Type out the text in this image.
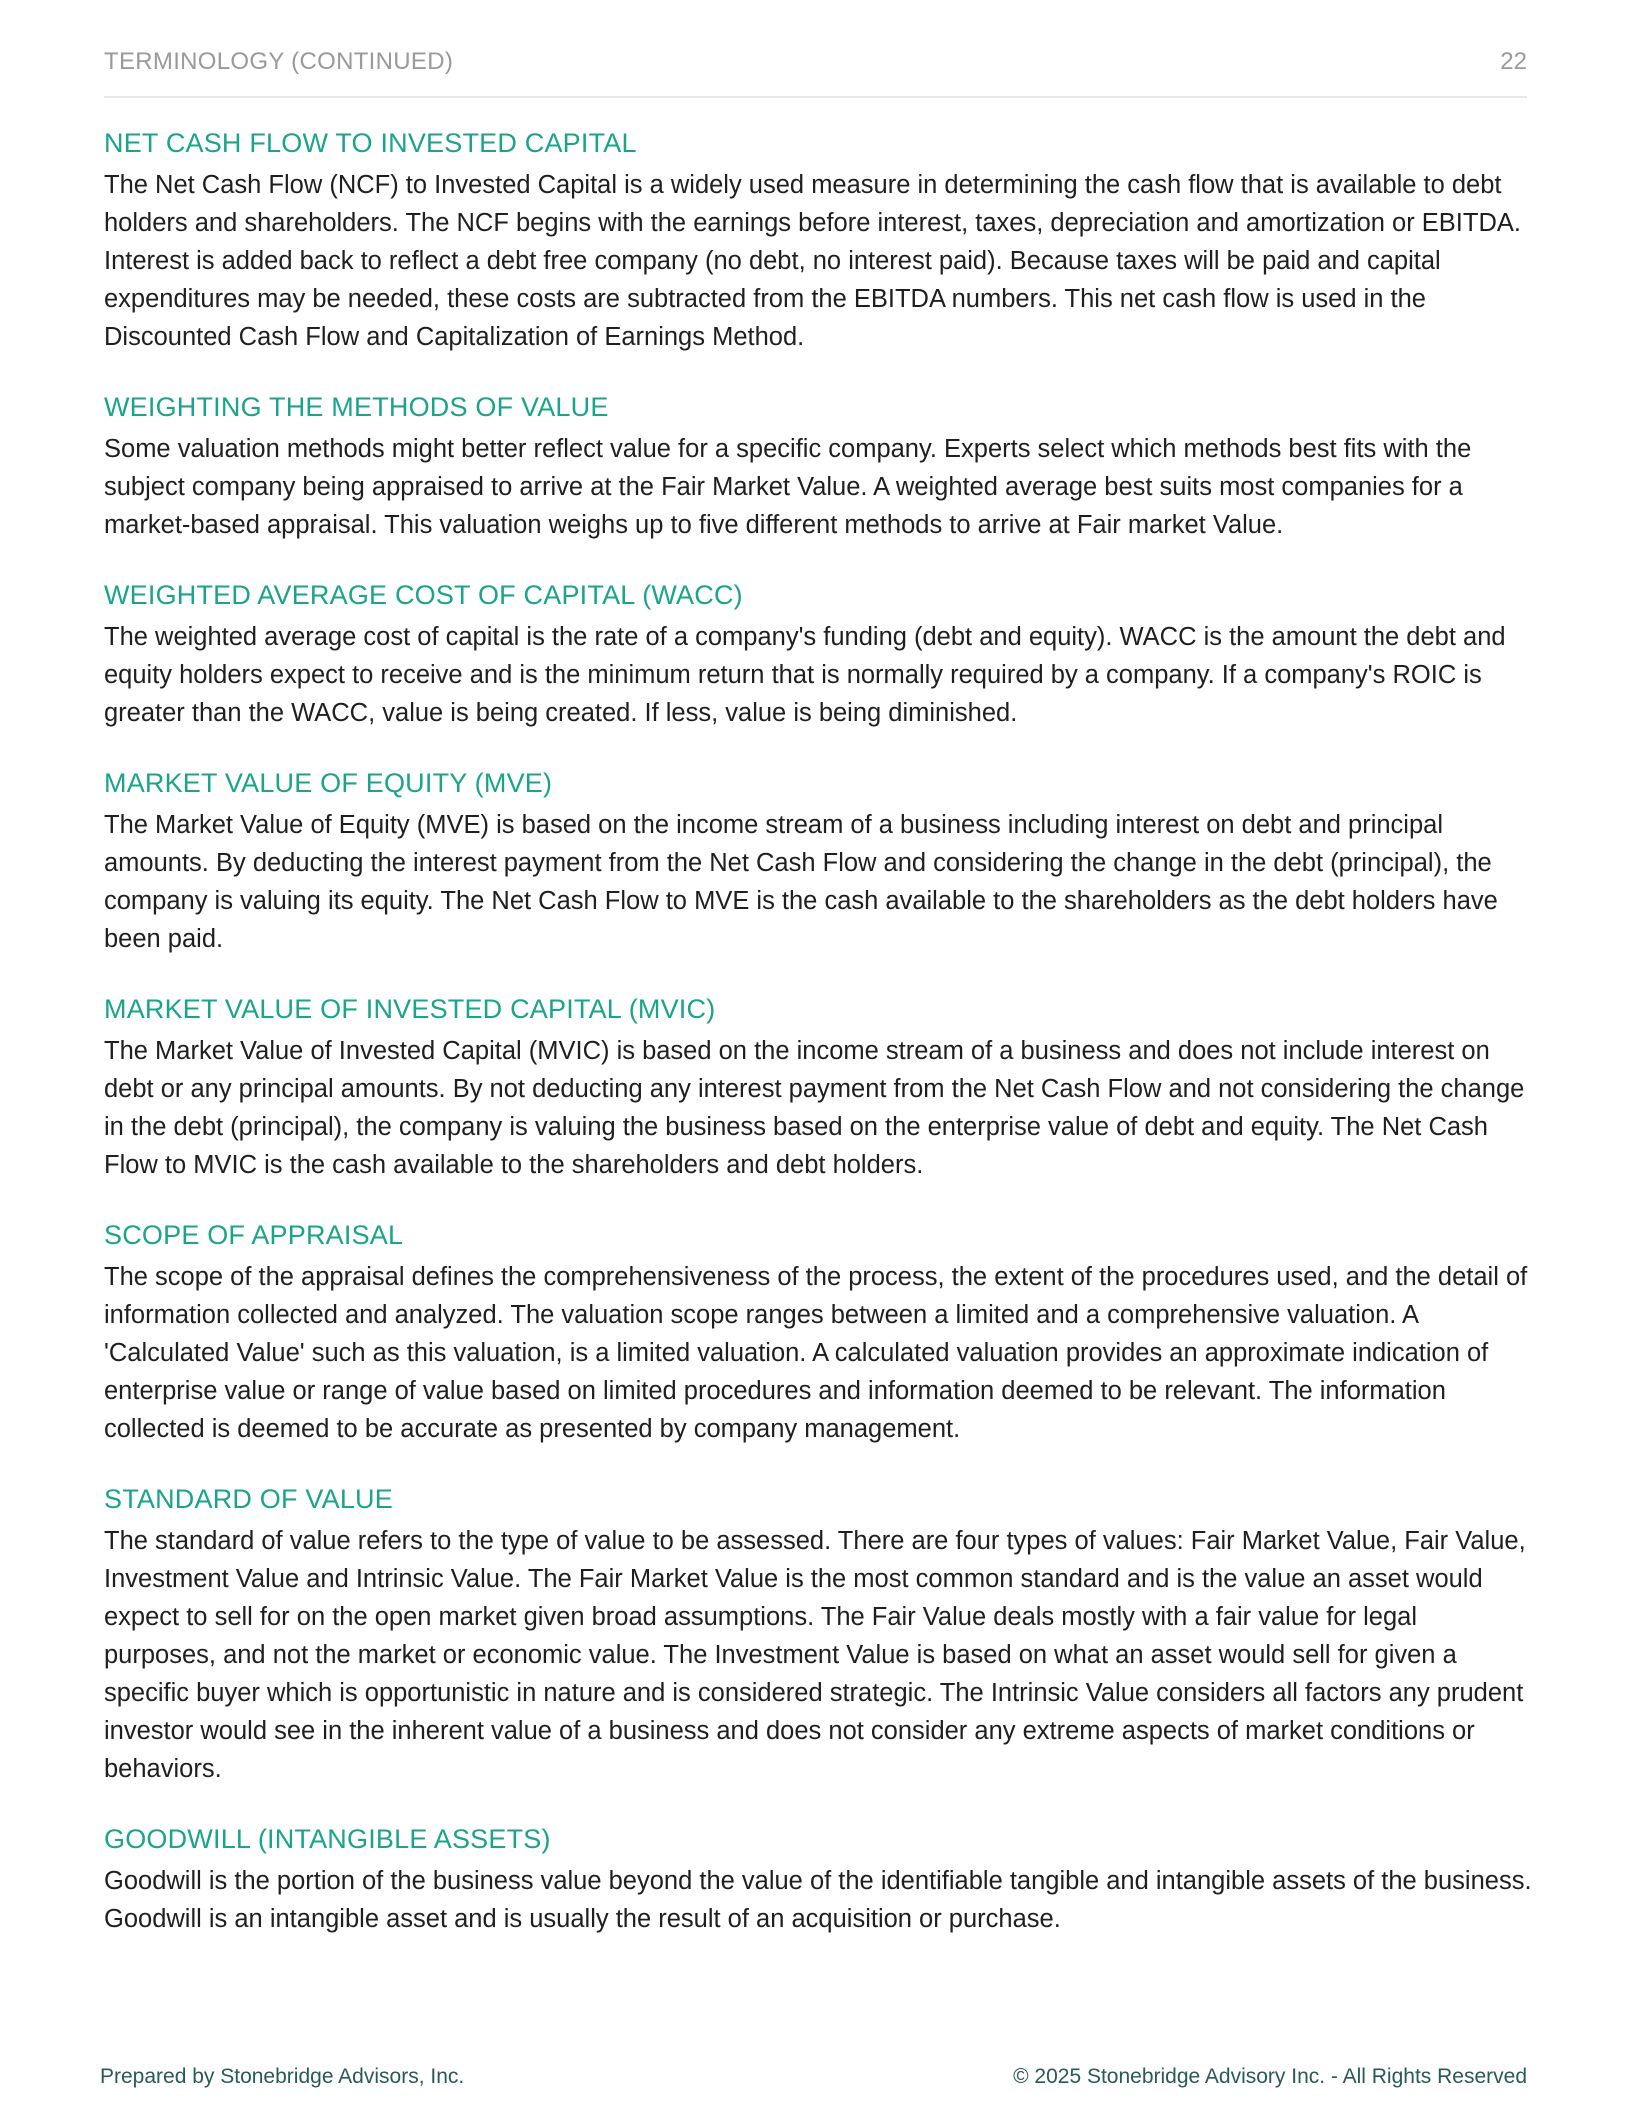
TERMINOLOGY (CONTINUED)	22
NET CASH FLOW TO INVESTED CAPITAL

The Net Cash Flow (NCF) to Invested Capital is a widely used measure in determining the cash flow that is available to debt holders and shareholders. The NCF begins with the earnings before interest, taxes, depreciation and amortization or EBITDA. Interest is added back to reflect a debt free company (no debt, no interest paid). Because taxes will be paid and capital expenditures may be needed, these costs are subtracted from the EBITDA numbers. This net cash flow is used in the Discounted Cash Flow and Capitalization of Earnings Method.

WEIGHTING THE METHODS OF VALUE

Some valuation methods might better reflect value for a specific company. Experts select which methods best fits with the subject company being appraised to arrive at the Fair Market Value. A weighted average best suits most companies for a market-based appraisal. This valuation weighs up to five different methods to arrive at Fair market Value.

WEIGHTED AVERAGE COST OF CAPITAL (WACC)

The weighted average cost of capital is the rate of a company's funding (debt and equity). WACC is the amount the debt and equity holders expect to receive and is the minimum return that is normally required by a company. If a company's ROIC is greater than the WACC, value is being created. If less, value is being diminished.

MARKET VALUE OF EQUITY (MVE)

The Market Value of Equity (MVE) is based on the income stream of a business including interest on debt and principal amounts. By deducting the interest payment from the Net Cash Flow and considering the change in the debt (principal), the company is valuing its equity. The Net Cash Flow to MVE is the cash available to the shareholders as the debt holders have been paid.

MARKET VALUE OF INVESTED CAPITAL (MVIC)

The Market Value of Invested Capital (MVIC) is based on the income stream of a business and does not include interest on debt or any principal amounts. By not deducting any interest payment from the Net Cash Flow and not considering the change in the debt (principal), the company is valuing the business based on the enterprise value of debt and equity. The Net Cash Flow to MVIC is the cash available to the shareholders and debt holders.

SCOPE OF APPRAISAL

The scope of the appraisal defines the comprehensiveness of the process, the extent of the procedures used, and the detail of information collected and analyzed. The valuation scope ranges between a limited and a comprehensive valuation. A 'Calculated Value' such as this valuation, is a limited valuation. A calculated valuation provides an approximate indication of enterprise value or range of value based on limited procedures and information deemed to be relevant. The information collected is deemed to be accurate as presented by company management.

STANDARD OF VALUE

The standard of value refers to the type of value to be assessed. There are four types of values: Fair Market Value, Fair Value, Investment Value and Intrinsic Value. The Fair Market Value is the most common standard and is the value an asset would expect to sell for on the open market given broad assumptions. The Fair Value deals mostly with a fair value for legal purposes, and not the market or economic value. The Investment Value is based on what an asset would sell for given a specific buyer which is opportunistic in nature and is considered strategic. The Intrinsic Value considers all factors any prudent investor would see in the inherent value of a business and does not consider any extreme aspects of market conditions or behaviors.

GOODWILL (INTANGIBLE ASSETS)

Goodwill is the portion of the business value beyond the value of the identifiable tangible and intangible assets of the business. Goodwill is an intangible asset and is usually the result of an acquisition or purchase.

Prepared by Stonebridge Advisors, Inc.	© 2025 Stonebridge Advisory Inc. - All Rights Reserved
